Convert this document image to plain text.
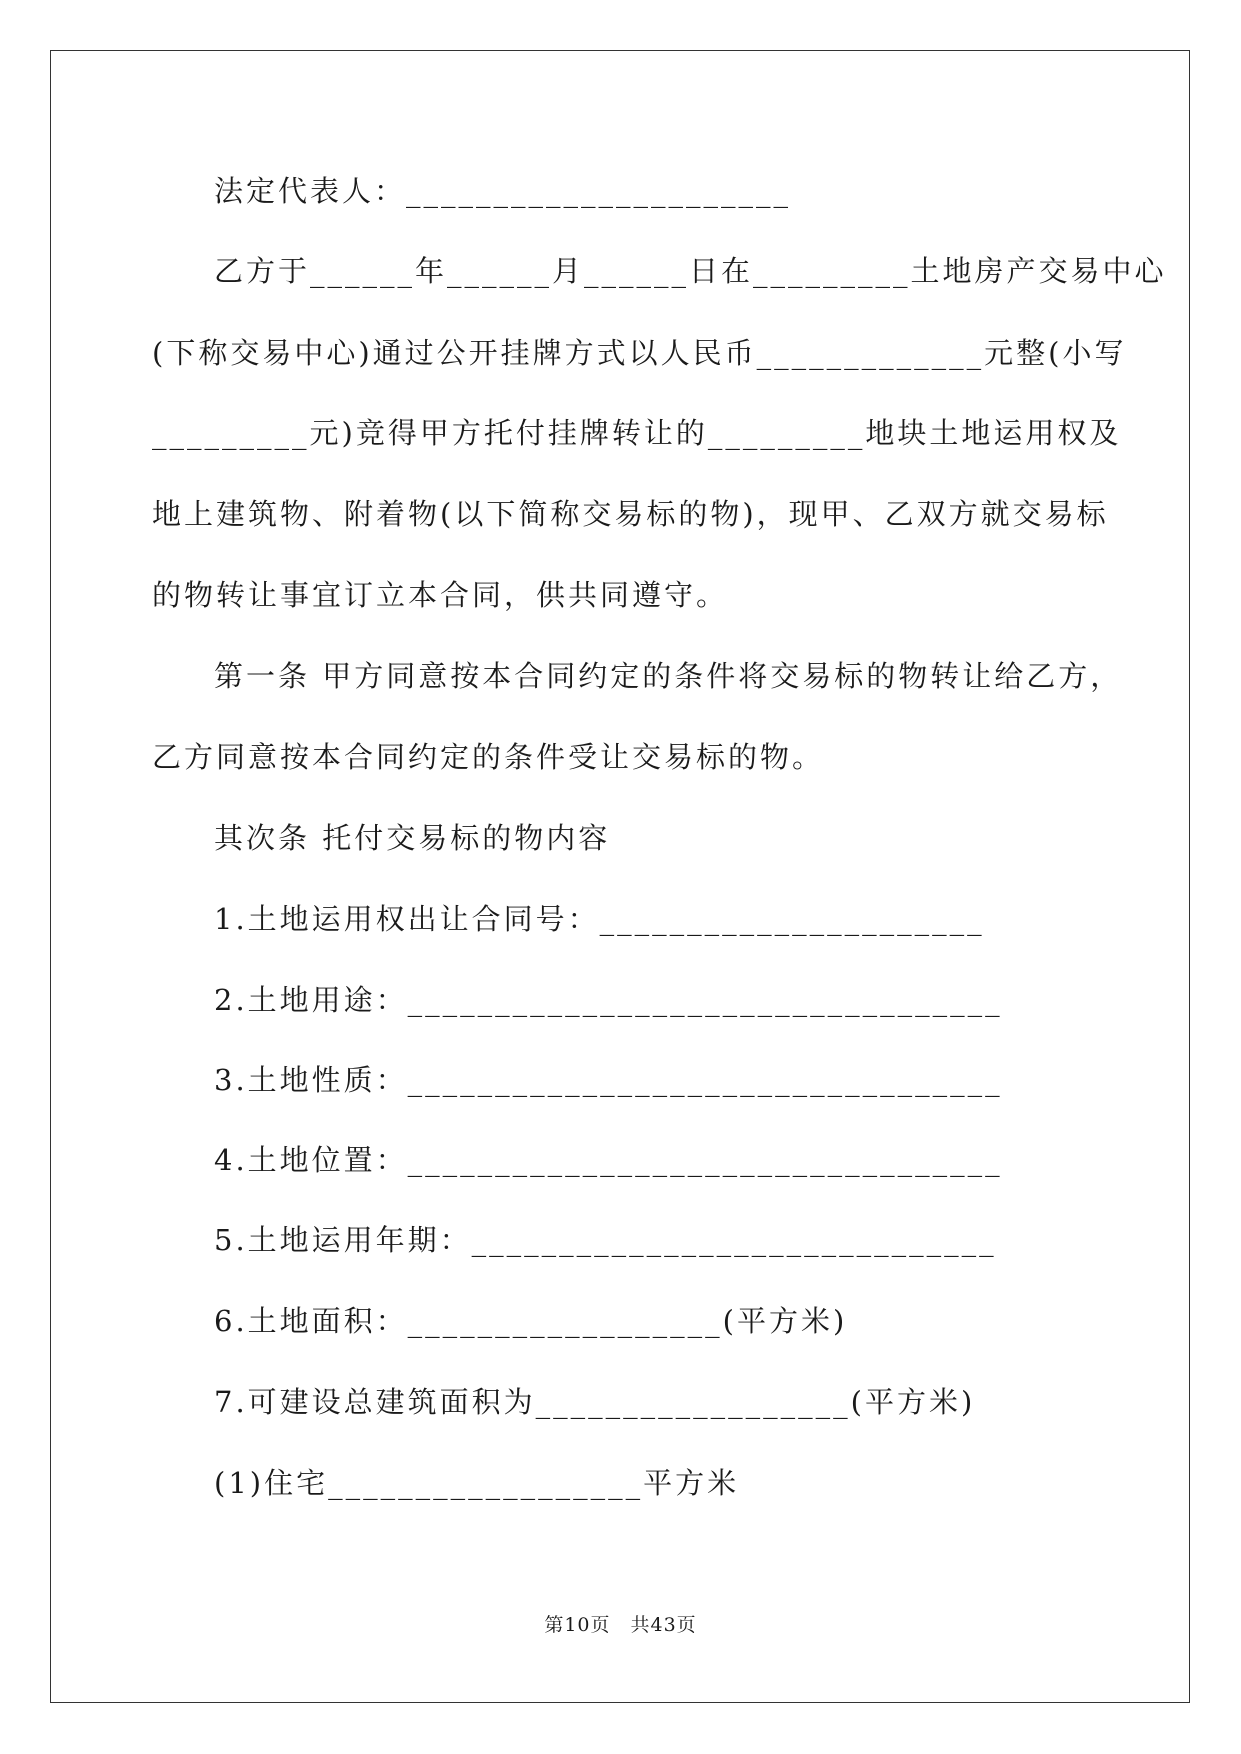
法定代表人：______________________

乙方于______年______月______日在_________土地房产交易中心

(下称交易中心)通过公开挂牌方式以人民币_____________元整(小写

_________元)竞得甲方托付挂牌转让的_________地块土地运用权及

地上建筑物、附着物(以下简称交易标的物)，现甲、乙双方就交易标

的物转让事宜订立本合同，供共同遵守。

第一条 甲方同意按本合同约定的条件将交易标的物转让给乙方，

乙方同意按本合同约定的条件受让交易标的物。

其次条 托付交易标的物内容

1.土地运用权出让合同号：______________________

2.土地用途：__________________________________

3.土地性质：__________________________________

4.土地位置：__________________________________

5.土地运用年期：______________________________

6.土地面积：__________________(平方米)

7.可建设总建筑面积为__________________(平方米)

(1)住宅__________________平方米

第10页　共43页
